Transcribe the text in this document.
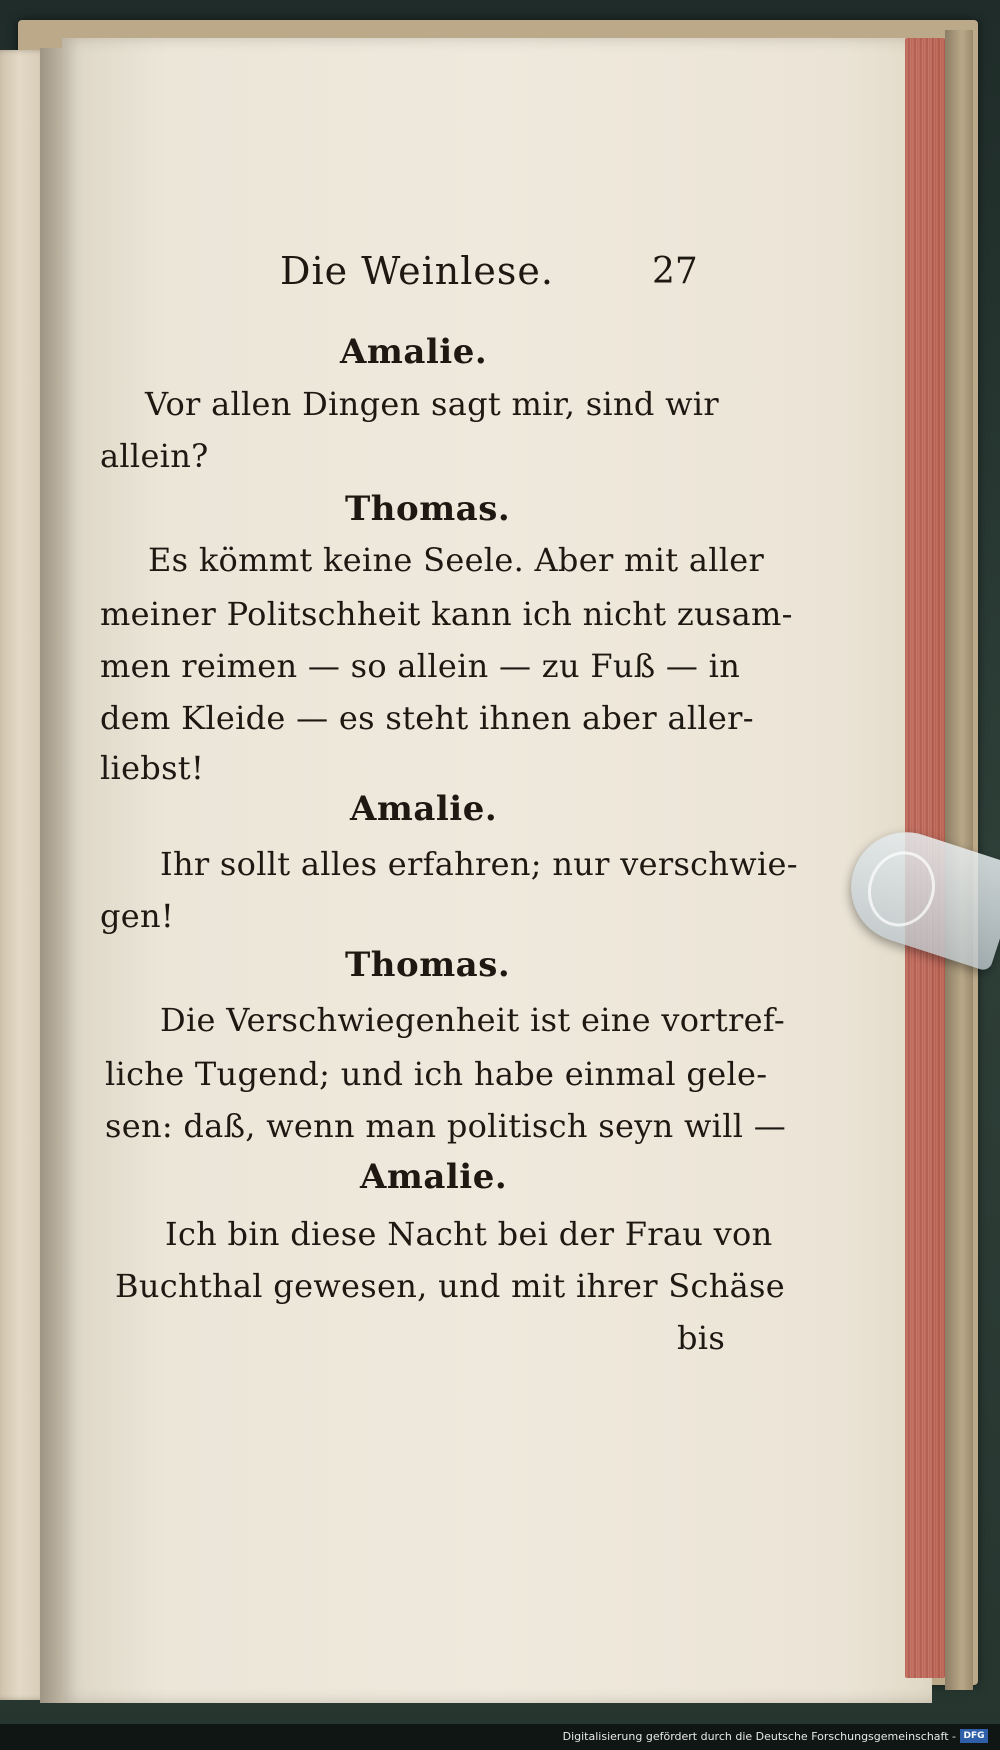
Die Weinlese.	27
Amalie.
Vor allen Dingen sagt mir, sind wir
allein?
Thomas.
Es kömmt keine Seele. Aber mit aller
meiner Politschheit kann ich nicht zusam-
men reimen — so allein — zu Fuß — in
dem Kleide — es steht ihnen aber aller-
liebst!
Amalie.
Ihr sollt alles erfahren; nur verschwie-
gen!
Thomas.
Die Verschwiegenheit ist eine vortref-
liche Tugend; und ich habe einmal gele-
sen: daß, wenn man politisch seyn will —
Amalie.
Ich bin diese Nacht bei der Frau von
Buchthal gewesen, und mit ihrer Schäse
bis
Digitalisierung gefördert durch die Deutsche Forschungsgemeinschaft - DFG
